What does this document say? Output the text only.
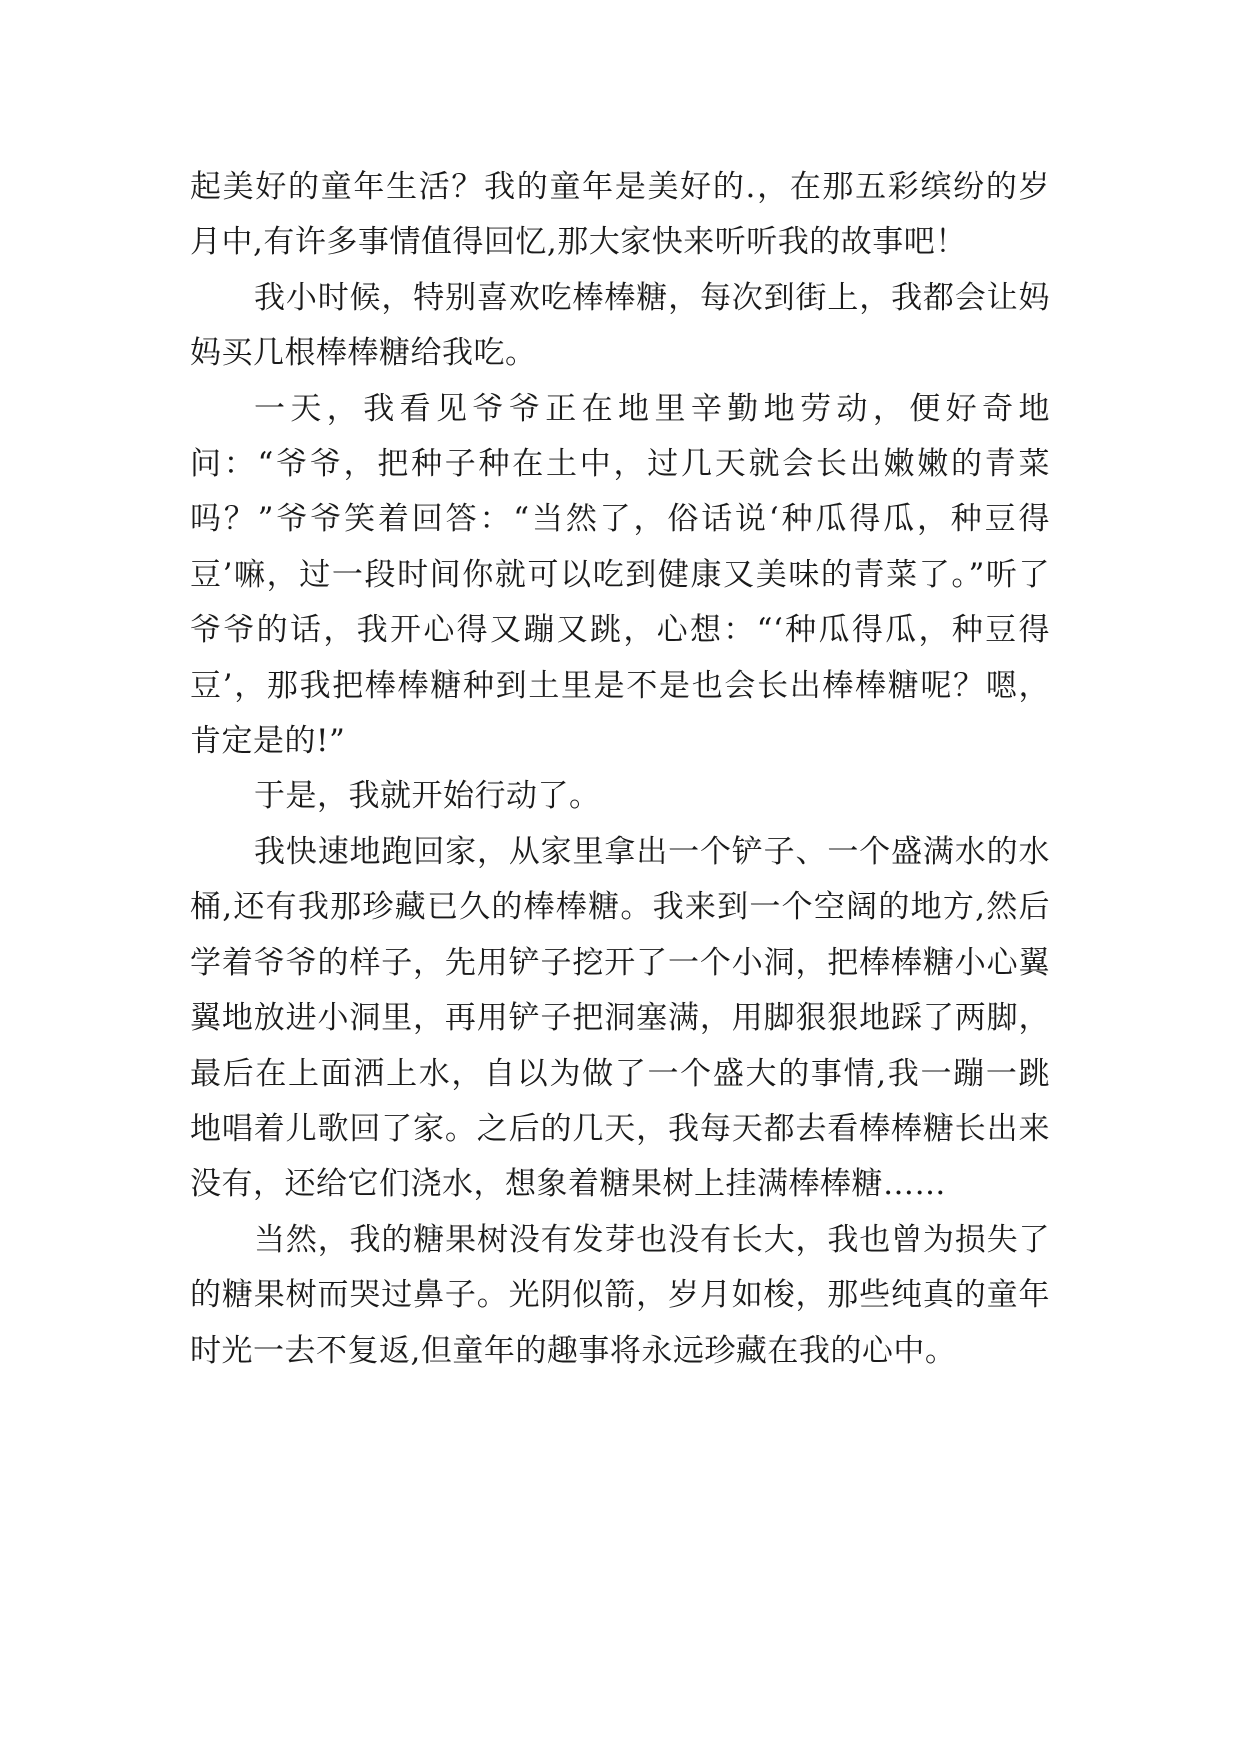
起美好的童年生活？我的童年是美好的.，在那五彩缤纷的岁月中,有许多事情值得回忆,那大家快来听听我的故事吧！

我小时候，特别喜欢吃棒棒糖，每次到街上，我都会让妈妈买几根棒棒糖给我吃。

一天，我看见爷爷正在地里辛勤地劳动，便好奇地问：“爷爷，把种子种在土中，过几天就会长出嫩嫩的青菜吗？”爷爷笑着回答：“当然了，俗话说‘种瓜得瓜，种豆得豆’嘛，过一段时间你就可以吃到健康又美味的青菜了。”听了爷爷的话，我开心得又蹦又跳，心想：“‘种瓜得瓜，种豆得豆’，那我把棒棒糖种到土里是不是也会长出棒棒糖呢？嗯，肯定是的!”

于是，我就开始行动了。

我快速地跑回家，从家里拿出一个铲子、一个盛满水的水桶,还有我那珍藏已久的棒棒糖。我来到一个空阔的地方,然后学着爷爷的样子，先用铲子挖开了一个小洞，把棒棒糖小心翼翼地放进小洞里，再用铲子把洞塞满，用脚狠狠地踩了两脚，最后在上面洒上水，自以为做了一个盛大的事情,我一蹦一跳地唱着儿歌回了家。之后的几天，我每天都去看棒棒糖长出来没有，还给它们浇水，想象着糖果树上挂满棒棒糖……

当然，我的糖果树没有发芽也没有长大，我也曾为损失了的糖果树而哭过鼻子。光阴似箭，岁月如梭，那些纯真的童年时光一去不复返,但童年的趣事将永远珍藏在我的心中。
